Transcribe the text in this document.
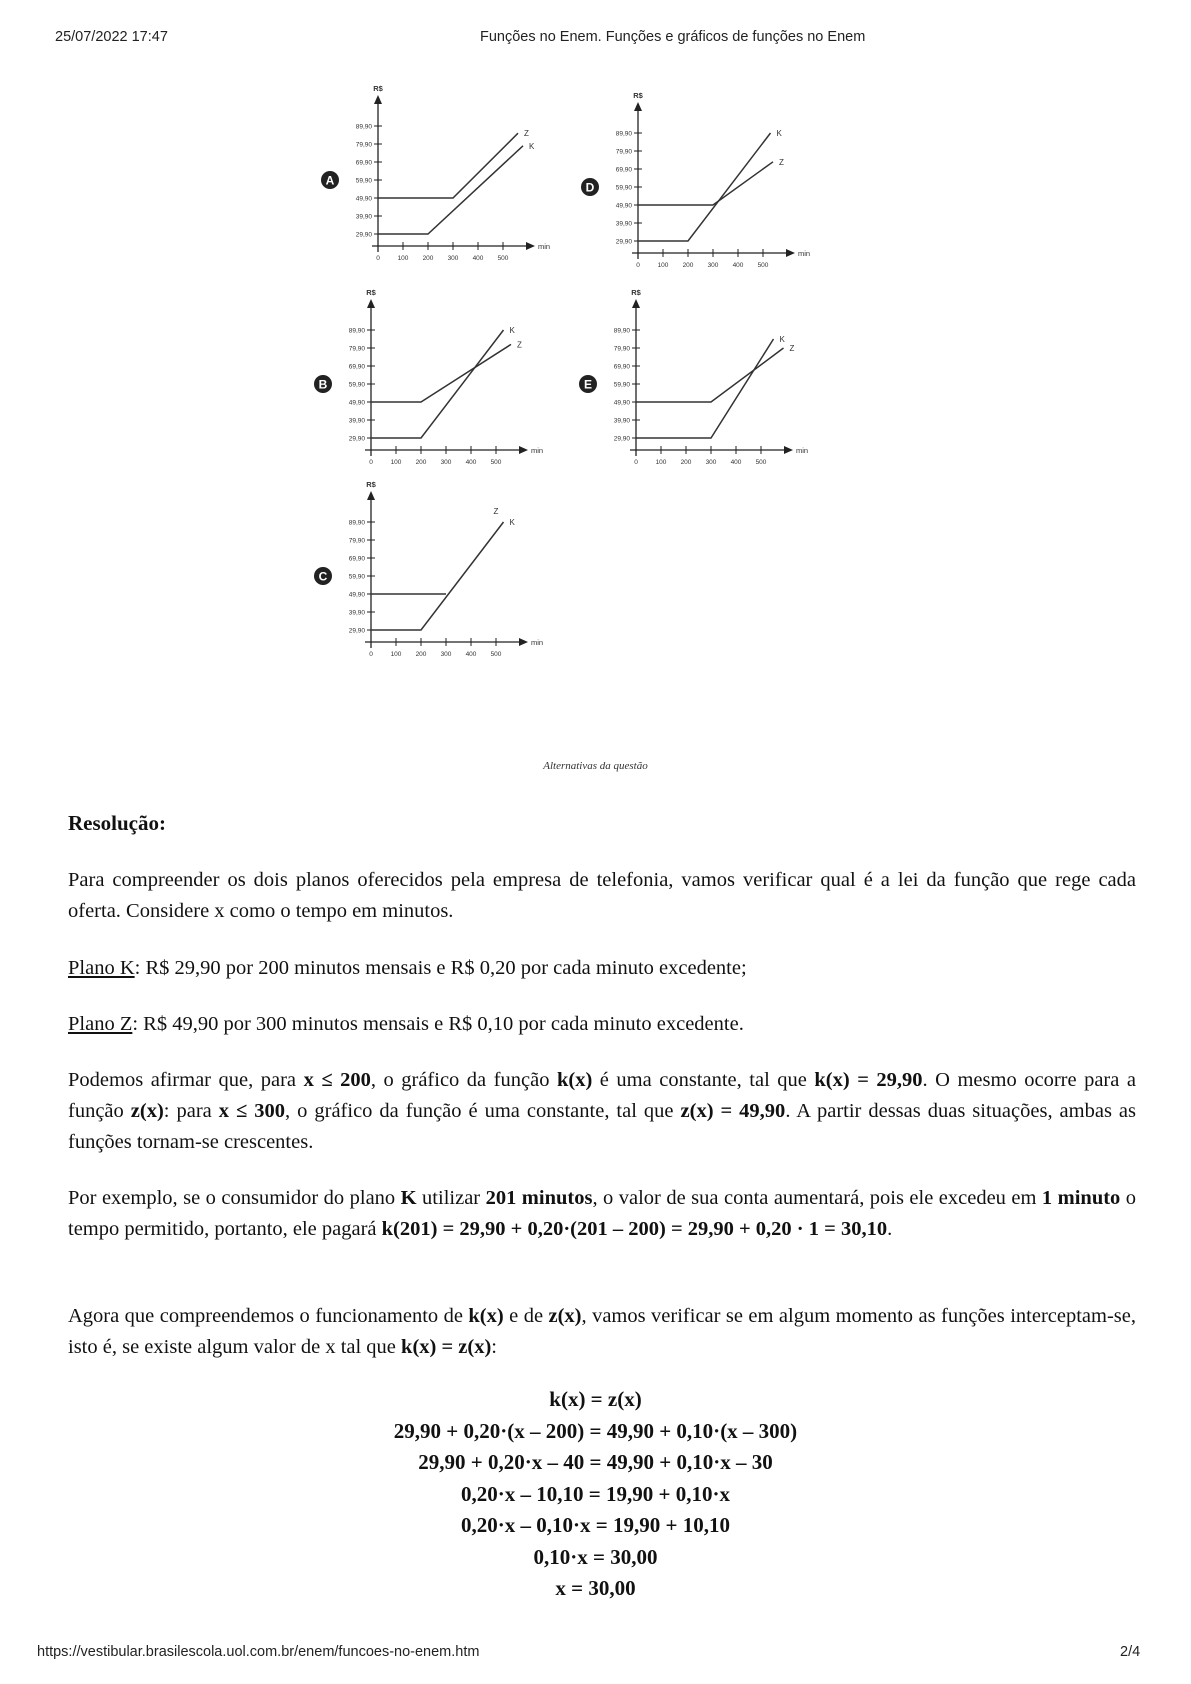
25/07/2022 17:47	Funções no Enem. Funções e gráficos de funções no Enem
A
R$
min
29,90
39,90
49,90
59,90
69,90
79,90
89,90
0	100 200 300 400 500
Z
K
B
R$
min
29,90
39,90
49,90
59,90
69,90
79,90
89,90
0	100 200 300 400 500
K
Z
C
R$
min
29,90
39,90
49,90
59,90
69,90
79,90
89,90
0	100 200 300 400 500
Z
K
D
R$
min
29,90
39,90
49,90
59,90
69,90
79,90
89,90
0	100 200 300 400 500
K
Z
E
R$
min
29,90
39,90
49,90
59,90
69,90
79,90
89,90
0	100 200 300 400 500
K
Z
Alternativas da questão
Resolução:
Para compreender os dois planos oferecidos pela empresa de telefonia, vamos verificar qual é a lei da função que rege cada oferta. Considere x como o tempo em minutos.
Plano K: R$ 29,90 por 200 minutos mensais e R$ 0,20 por cada minuto excedente;
Plano Z: R$ 49,90 por 300 minutos mensais e R$ 0,10 por cada minuto excedente.
Podemos afirmar que, para x ≤ 200, o gráfico da função k(x) é uma constante, tal que k(x) = 29,90. O mesmo ocorre para a função z(x): para x ≤ 300, o gráfico da função é uma constante, tal que z(x) = 49,90. A partir dessas duas situações, ambas as funções tornam-se crescentes.
Por exemplo, se o consumidor do plano K utilizar 201 minutos, o valor de sua conta aumentará, pois ele excedeu em 1 minuto o tempo permitido, portanto, ele pagará k(201) = 29,90 + 0,20·(201 – 200) = 29,90 + 0,20 · 1 = 30,10.
Agora que compreendemos o funcionamento de k(x) e de z(x), vamos verificar se em algum momento as funções interceptam-se, isto é, se existe algum valor de x tal que k(x) = z(x):
k(x) = z(x)
29,90 + 0,20·(x – 200) = 49,90 + 0,10·(x – 300)
29,90 + 0,20·x – 40 = 49,90 + 0,10·x – 30
0,20·x – 10,10 = 19,90 + 0,10·x
0,20·x – 0,10·x = 19,90 + 10,10
0,10·x = 30,00
x = 30,00
https://vestibular.brasilescola.uol.com.br/enem/funcoes-no-enem.htm	2/4
